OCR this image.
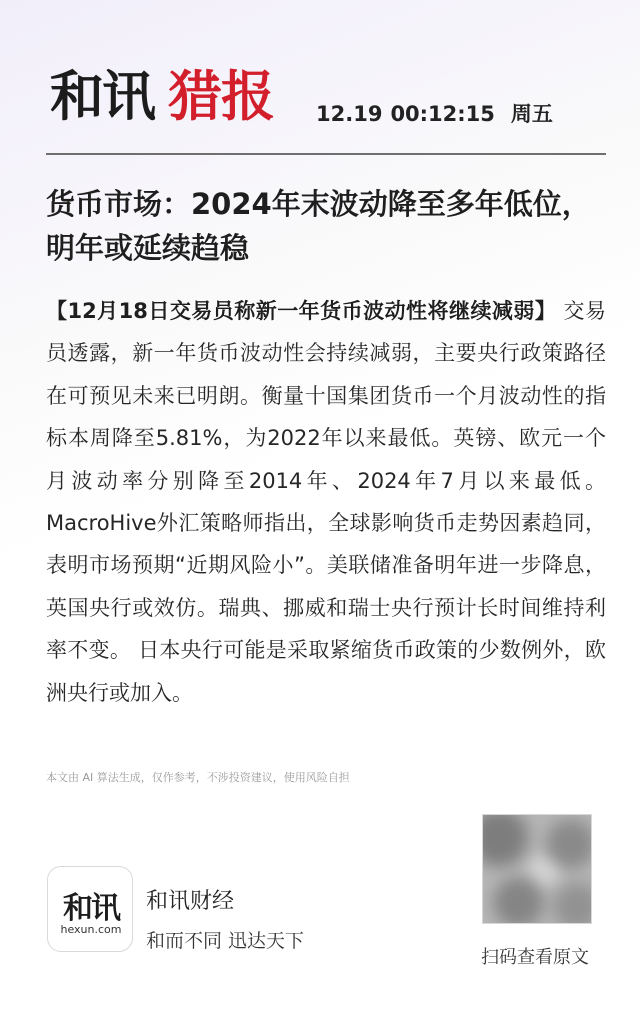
和讯 猎报 12.19 00:12:15 周五
货币市场：2024年末波动降至多年低位，明年或延续趋稳
【12月18日交易员称新一年货币波动性将继续减弱】 交易员透露，新一年货币波动性会持续减弱，主要央行政策路径在可预见未来已明朗。衡量十国集团货币一个月波动性的指标本周降至5.81%，为2022年以来最低。英镑、欧元一个月波动率分别降至2014年、2024年7月以来最低。 MacroHive外汇策略师指出，全球影响货币走势因素趋同，表明市场预期“近期风险小”。美联储准备明年进一步降息，英国央行或效仿。瑞典、挪威和瑞士央行预计长时间维持利率不变。 日本央行可能是采取紧缩货币政策的少数例外，欧洲央行或加入。
本文由 AI 算法生成，仅作参考，不涉投资建议，使用风险自担
和讯
hexun.com
和讯财经
和而不同 迅达天下
扫码查看原文
